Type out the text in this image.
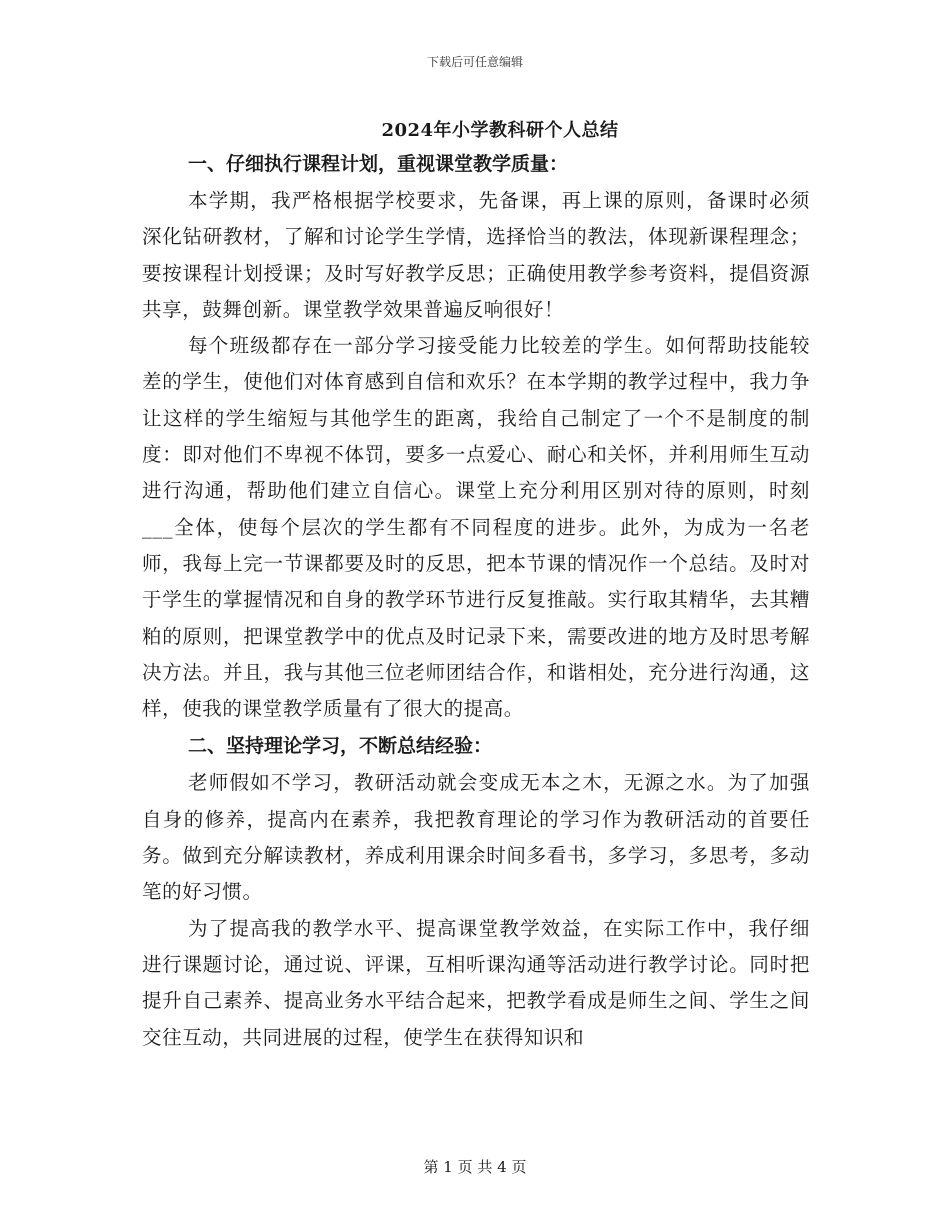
下载后可任意编辑
2024年小学教科研个人总结

一、仔细执行课程计划，重视课堂教学质量：

本学期，我严格根据学校要求，先备课，再上课的原则，备课时必须深化钻研教材，了解和讨论学生学情，选择恰当的教法，体现新课程理念；要按课程计划授课；及时写好教学反思；正确使用教学参考资料，提倡资源共享，鼓舞创新。课堂教学效果普遍反响很好！

每个班级都存在一部分学习接受能力比较差的学生。如何帮助技能较差的学生，使他们对体育感到自信和欢乐？在本学期的教学过程中，我力争让这样的学生缩短与其他学生的距离，我给自己制定了一个不是制度的制度：即对他们不卑视不体罚，要多一点爱心、耐心和关怀，并利用师生互动进行沟通，帮助他们建立自信心。课堂上充分利用区别对待的原则，时刻___全体，使每个层次的学生都有不同程度的进步。此外，为成为一名老师，我每上完一节课都要及时的反思，把本节课的情况作一个总结。及时对于学生的掌握情况和自身的教学环节进行反复推敲。实行取其精华，去其糟粕的原则，把课堂教学中的优点及时记录下来，需要改进的地方及时思考解决方法。并且，我与其他三位老师团结合作，和谐相处，充分进行沟通，这样，使我的课堂教学质量有了很大的提高。

二、坚持理论学习，不断总结经验：

老师假如不学习，教研活动就会变成无本之木，无源之水。为了加强自身的修养，提高内在素养，我把教育理论的学习作为教研活动的首要任务。做到充分解读教材，养成利用课余时间多看书，多学习，多思考，多动笔的好习惯。

为了提高我的教学水平、提高课堂教学效益，在实际工作中，我仔细进行课题讨论，通过说、评课，互相听课沟通等活动进行教学讨论。同时把提升自己素养、提高业务水平结合起来，把教学看成是师生之间、学生之间交往互动，共同进展的过程，使学生在获得知识和

第 1 页 共 4 页
